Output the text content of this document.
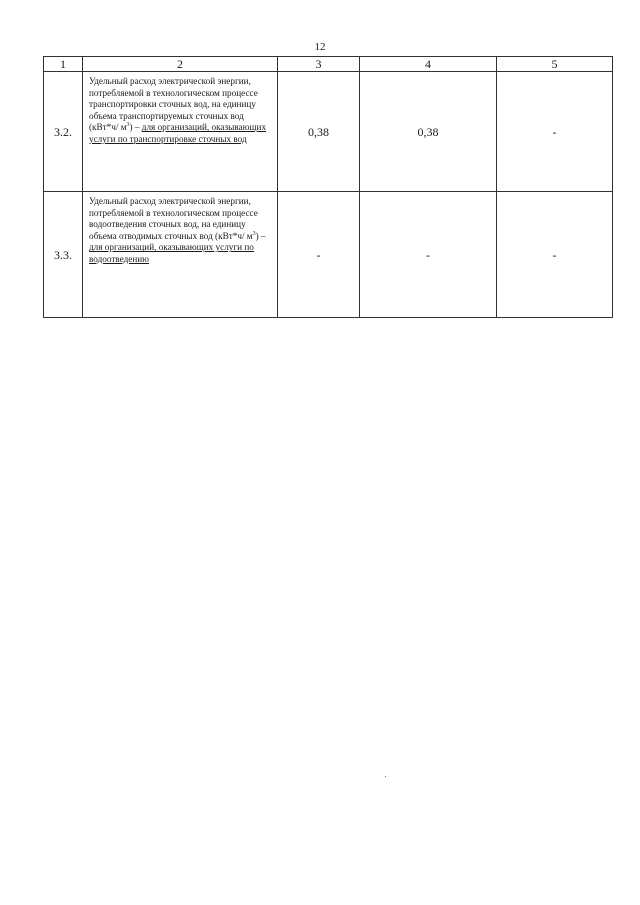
12
1	2	3	4	5
3.2.	Удельный расход электрической энергии, потребляемой в технологическом процессе транспортировки сточных вод, на единицу объема транспортируемых сточных вод (кВт*ч/ $м^3$) – для организаций, оказывающих услуги по транспортировке сточных вод	0,38	0,38	-
3.3.	Удельный расход электрической энергии, потребляемой в технологическом процессе водоотведения сточных вод, на единицу объема отводимых сточных вод (кВт*ч/ $м^3$) – для организаций, оказывающих услуги по водоотведению	-	-	-
